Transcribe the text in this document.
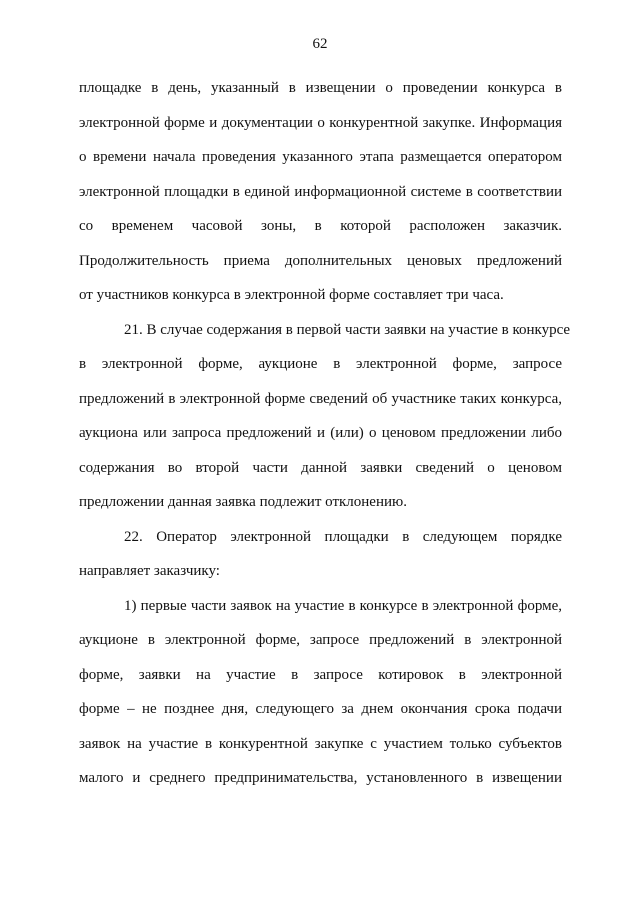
62

площадке в день, указанный в извещении о проведении конкурса в
электронной форме и документации о конкурентной закупке. Информация
о времени начала проведения указанного этапа размещается оператором
электронной площадки в единой информационной системе в соответствии
со временем часовой зоны, в которой расположен заказчик.
Продолжительность приема дополнительных ценовых предложений
от участников конкурса в электронной форме составляет три часа.

21. В случае содержания в первой части заявки на участие в конкурсе
в электронной форме, аукционе в электронной форме, запросе
предложений в электронной форме сведений об участнике таких конкурса,
аукциона или запроса предложений и (или) о ценовом предложении либо
содержания во второй части данной заявки сведений о ценовом
предложении данная заявка подлежит отклонению.

22. Оператор электронной площадки в следующем порядке
направляет заказчику:

1) первые части заявок на участие в конкурсе в электронной форме,
аукционе в электронной форме, запросе предложений в электронной
форме, заявки на участие в запросе котировок в электронной
форме – не позднее дня, следующего за днем окончания срока подачи
заявок на участие в конкурентной закупке с участием только субъектов
малого и среднего предпринимательства, установленного в извещении
